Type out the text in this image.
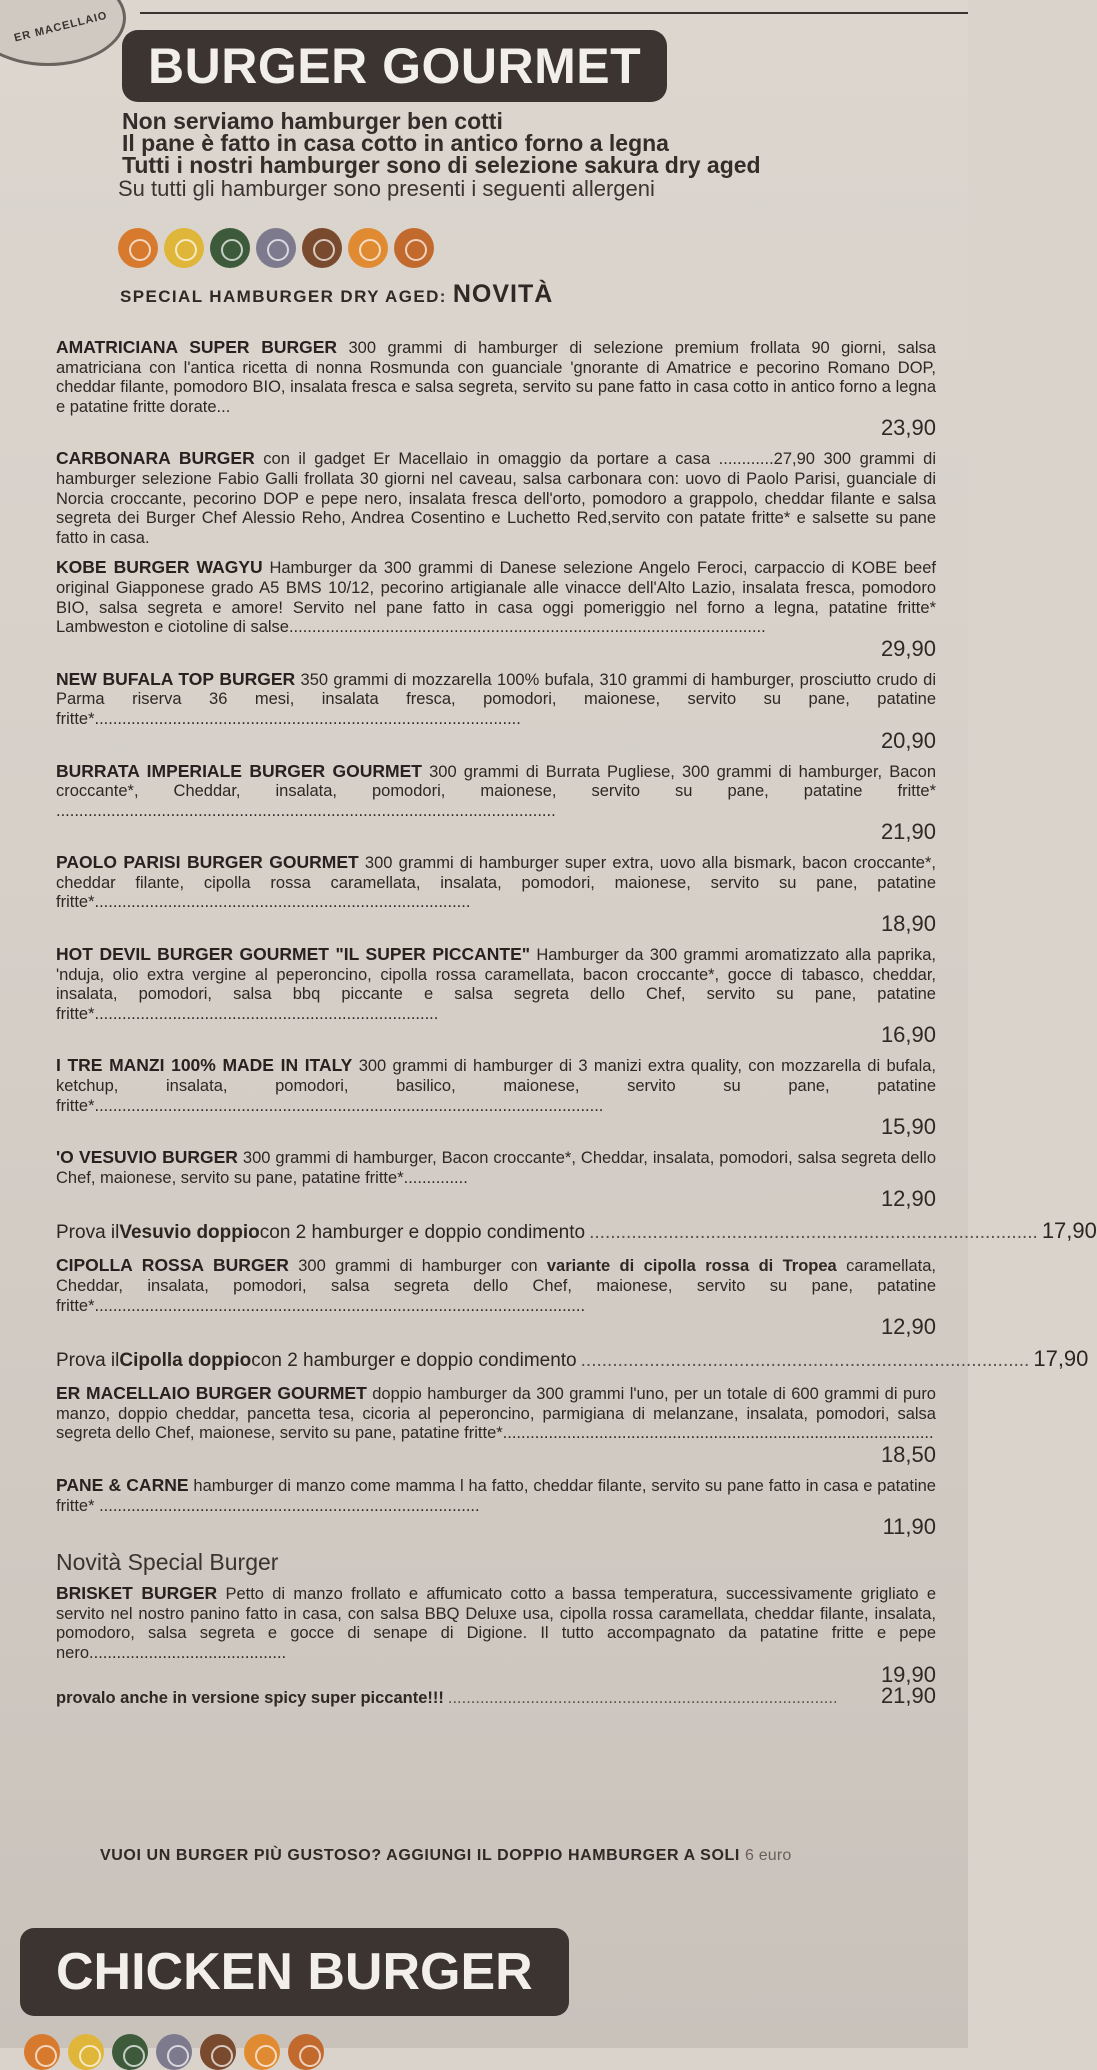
ER MACELLAIO
BURGER GOURMET
Non serviamo hamburger ben cotti
Il pane è fatto in casa cotto in antico forno a legna
Tutti i nostri hamburger sono di selezione sakura dry aged
Su tutti gli hamburger sono presenti i seguenti allergeni
SPECIAL HAMBURGER DRY AGED: NOVITÀ
AMATRICIANA SUPER BURGER 300 grammi di hamburger di selezione premium frollata 90 giorni, salsa amatriciana con l'antica ricetta di nonna Rosmunda con guanciale 'gnorante di Amatrice e pecorino Romano DOP, cheddar filante, pomodoro BIO, insalata fresca e salsa segreta, servito su pane fatto in casa cotto in antico forno a legna e patatine fritte dorate...
23,90
CARBONARA BURGER con il gadget Er Macellaio in omaggio da portare a casa ............27,90 300 grammi di hamburger selezione Fabio Galli frollata 30 giorni nel caveau, salsa carbonara con: uovo di Paolo Parisi, guanciale di Norcia croccante, pecorino DOP e pepe nero, insalata fresca dell'orto, pomodoro a grappolo, cheddar filante e salsa segreta dei Burger Chef Alessio Reho, Andrea Cosentino e Luchetto Red,servito con patate fritte* e salsette su pane fatto in casa.
KOBE BURGER WAGYU Hamburger da 300 grammi di Danese selezione Angelo Feroci, carpaccio di KOBE beef original Giapponese grado A5 BMS 10/12, pecorino artigianale alle vinacce dell'Alto Lazio, insalata fresca, pomodoro BIO, salsa segreta e amore! Servito nel pane fatto in casa oggi pomeriggio nel forno a legna, patatine fritte* Lambweston e ciotoline di salse........................................................................................................
29,90
NEW BUFALA TOP BURGER 350 grammi di mozzarella 100% bufala, 310 grammi di hamburger, prosciutto crudo di Parma riserva 36 mesi, insalata fresca, pomodori, maionese, servito su pane, patatine fritte*.............................................................................................
20,90
BURRATA IMPERIALE BURGER GOURMET 300 grammi di Burrata Pugliese, 300 grammi di hamburger, Bacon croccante*, Cheddar, insalata, pomodori, maionese, servito su pane, patatine fritte* .............................................................................................................
21,90
PAOLO PARISI BURGER GOURMET 300 grammi di hamburger super extra, uovo alla bismark, bacon croccante*, cheddar filante, cipolla rossa caramellata, insalata, pomodori, maionese, servito su pane, patatine fritte*..................................................................................
18,90
HOT DEVIL BURGER GOURMET "IL SUPER PICCANTE" Hamburger da 300 grammi aromatizzato alla paprika, 'nduja, olio extra vergine al peperoncino, cipolla rossa caramellata, bacon croccante*, gocce di tabasco, cheddar, insalata, pomodori, salsa bbq piccante e salsa segreta dello Chef, servito su pane, patatine fritte*...........................................................................
16,90
I TRE MANZI 100% MADE IN ITALY 300 grammi di hamburger di 3 manizi extra quality, con mozzarella di bufala, ketchup, insalata, pomodori, basilico, maionese, servito su pane, patatine fritte*...............................................................................................................
15,90
'O VESUVIO BURGER 300 grammi di hamburger, Bacon croccante*, Cheddar, insalata, pomodori, salsa segreta dello Chef, maionese, servito su pane, patatine fritte*..............
12,90
Prova il Vesuvio doppio con 2 hamburger e doppio condimento ..................................................................................... 17,90
CIPOLLA ROSSA BURGER 300 grammi di hamburger con variante di cipolla rossa di Tropea caramellata, Cheddar, insalata, pomodori, salsa segreta dello Chef, maionese, servito su pane, patatine fritte*...........................................................................................................
12,90
Prova il Cipolla doppio con 2 hamburger e doppio condimento ..................................................................................... 17,90
ER MACELLAIO BURGER GOURMET doppio hamburger da 300 grammi l'uno, per un totale di 600 grammi di puro manzo, doppio cheddar, pancetta tesa, cicoria al peperoncino, parmigiana di melanzane, insalata, pomodori, salsa segreta dello Chef, maionese, servito su pane, patatine fritte*..............................................................................................
18,50
PANE & CARNE hamburger di manzo come mamma l ha fatto, cheddar filante, servito su pane fatto in casa e patatine fritte* ...................................................................................
11,90
Novità Special Burger
BRISKET BURGER Petto di manzo frollato e affumicato cotto a bassa temperatura, successivamente grigliato e servito nel nostro panino fatto in casa, con salsa BBQ Deluxe usa, cipolla rossa caramellata, cheddar filante, insalata, pomodoro, salsa segreta e gocce di senape di Digione. Il tutto accompagnato da patatine fritte e pepe nero...........................................
19,90
provalo anche in versione spicy super piccante!!! .....................................................................................	21,90
VUOI UN BURGER PIÙ GUSTOSO? AGGIUNGI IL DOPPIO HAMBURGER A SOLI 6 euro
CHICKEN BURGER
